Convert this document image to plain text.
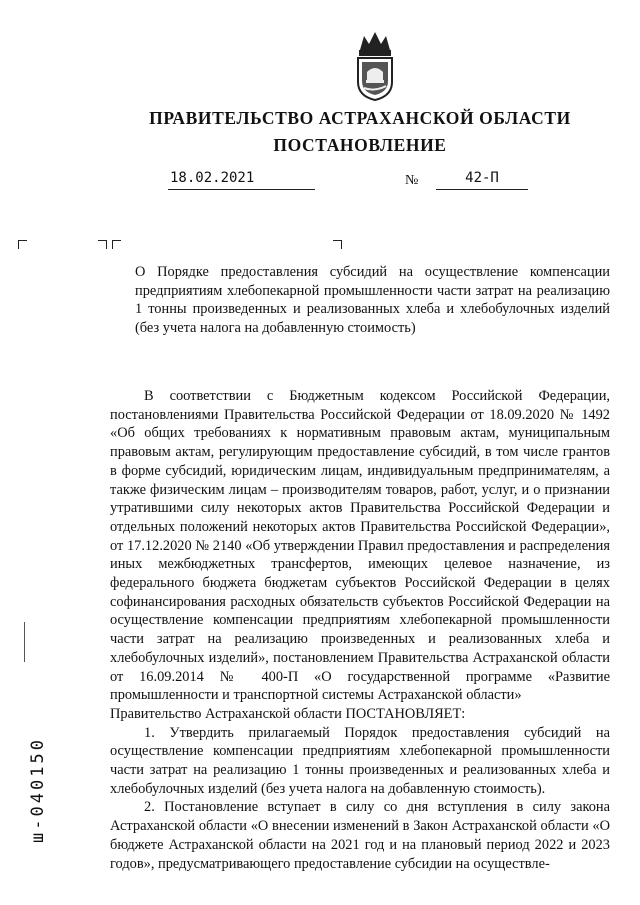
ПРАВИТЕЛЬСТВО АСТРАХАНСКОЙ ОБЛАСТИ
ПОСТАНОВЛЕНИЕ
18.02.2021	№	42-П
О Порядке предоставления субсидий на осуществление компенсации предприятиям хлебопекарной промышленности части затрат на реализацию 1 тонны произведенных и реализованных хлеба и хлебобулочных изделий (без учета налога на добавленную стоимость)

В соответствии с Бюджетным кодексом Российской Федерации, постановлениями Правительства Российской Федерации от 18.09.2020 № 1492 «Об общих требованиях к нормативным правовым актам, муниципальным правовым актам, регулирующим предоставление субсидий, в том числе грантов в форме субсидий, юридическим лицам, индивидуальным предпринимателям, а также физическим лицам – производителям товаров, работ, услуг, и о признании утратившими силу некоторых актов Правительства Российской Федерации и отдельных положений некоторых актов Правительства Российской Федерации», от 17.12.2020 № 2140 «Об утверждении Правил предоставления и распределения иных межбюджетных трансфертов, имеющих целевое назначение, из федерального бюджета бюджетам субъектов Российской Федерации в целях софинансирования расходных обязательств субъектов Российской Федерации на осуществление компенсации предприятиям хлебопекарной промышленности части затрат на реализацию произведенных и реализованных хлеба и хлебобулочных изделий», постановлением Правительства Астраханской области от 16.09.2014 № 400-П «О государственной программе «Развитие промышленности и транспортной системы Астраханской области»

Правительство Астраханской области ПОСТАНОВЛЯЕТ:

1. Утвердить прилагаемый Порядок предоставления субсидий на осуществление компенсации предприятиям хлебопекарной промышленности части затрат на реализацию 1 тонны произведенных и реализованных хлеба и хлебобулочных изделий (без учета налога на добавленную стоимость).

2. Постановление вступает в силу со дня вступления в силу закона Астраханской области «О внесении изменений в Закон Астраханской области «О бюджете Астраханской области на 2021 год и на плановый период 2022 и 2023 годов», предусматривающего предоставление субсидии на осуществле-

ш-040150
